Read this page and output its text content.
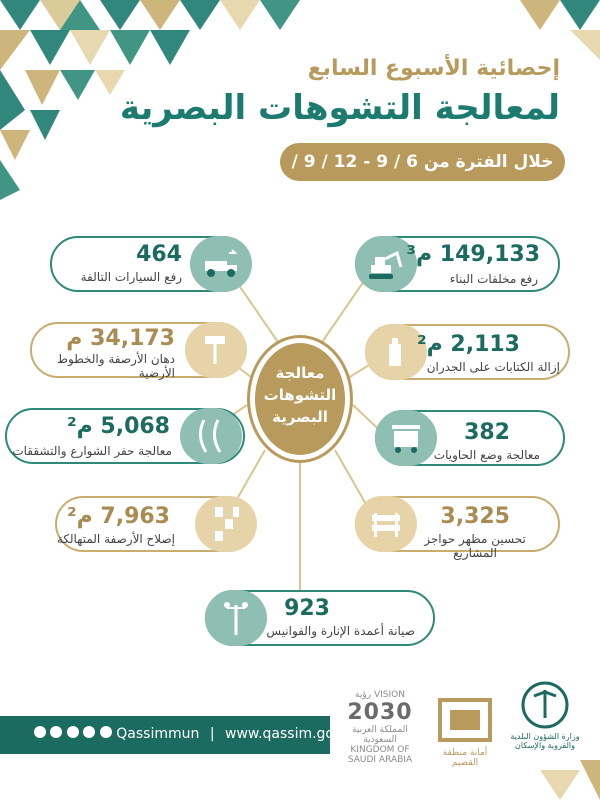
إحصائية الأسبوع السابع
لمعالجة التشوهات البصرية
خلال الفترة من 6 / 9 - 12 / 9 / 2021 م
معالجة
التشوهات
البصرية
464
رفع السيارات التالفة
34,173 م
دهان الأرصفة والخطوط الأرضية
5,068 م²
معالجة حفر الشوارع والتشققات
7,963 م²
إصلاح الأرصفة المتهالكة
149,133 م³
رفع مخلفات البناء
2,113 م²
إزالة الكتابات على الجدران
382
معالجة وضع الحاويات
3,325
تحسين مظهر حواجز المشاريع
923
صيانة أعمدة الإنارة والفوانيس
Qassimmun | www.qassim.gov.sa
رؤية VISION
2030
المملكة العربية السعودية KINGDOM OF SAUDI ARABIA
أمانة منطقة القصيم
وزارة الشؤون البلدية والقروية والإسكان
